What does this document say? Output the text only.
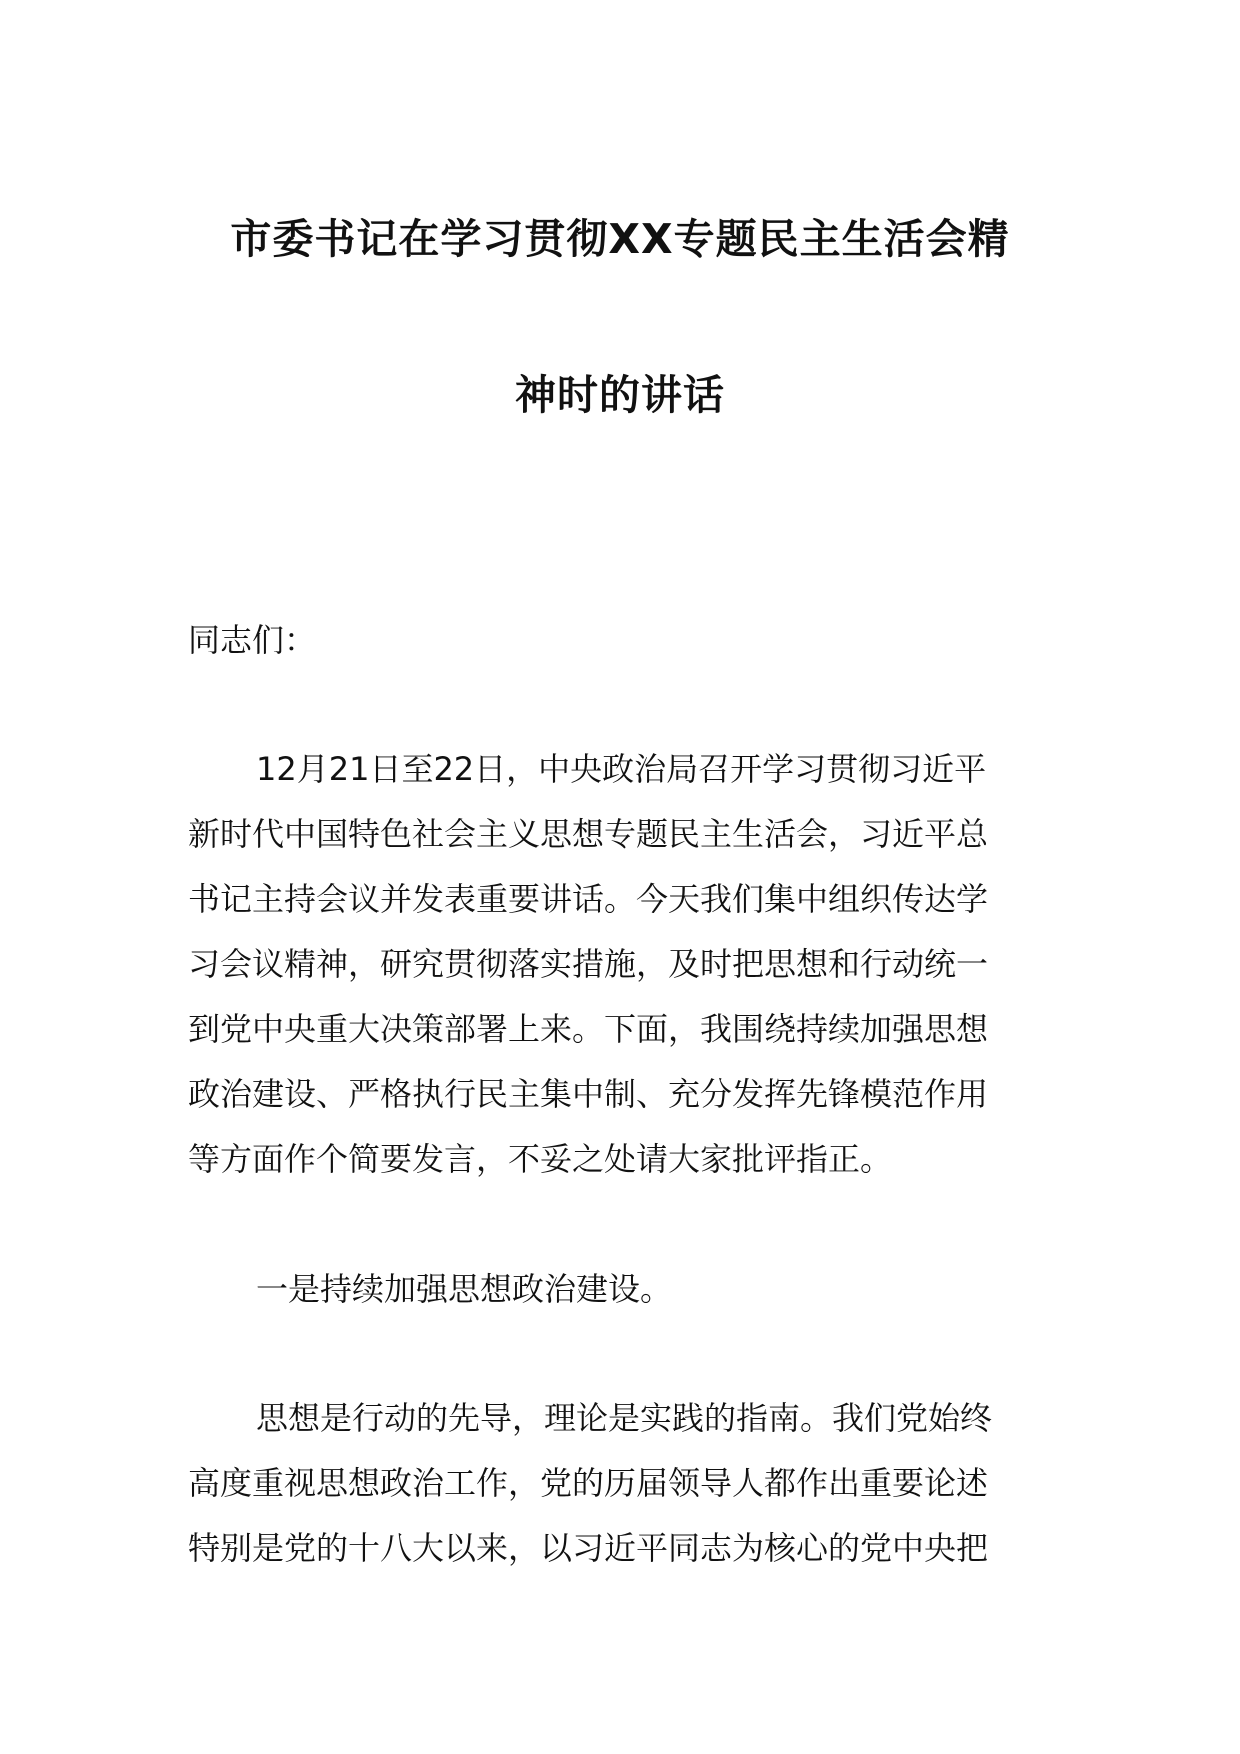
市委书记在学习贯彻XX专题民主生活会精
神时的讲话

同志们：

12月21日至22日，中央政治局召开学习贯彻习近平
新时代中国特色社会主义思想专题民主生活会，习近平总
书记主持会议并发表重要讲话。今天我们集中组织传达学
习会议精神，研究贯彻落实措施，及时把思想和行动统一
到党中央重大决策部署上来。下面，我围绕持续加强思想
政治建设、严格执行民主集中制、充分发挥先锋模范作用
等方面作个简要发言，不妥之处请大家批评指正。

一是持续加强思想政治建设。

思想是行动的先导，理论是实践的指南。我们党始终
高度重视思想政治工作，党的历届领导人都作出重要论述
特别是党的十八大以来，以习近平同志为核心的党中央把
